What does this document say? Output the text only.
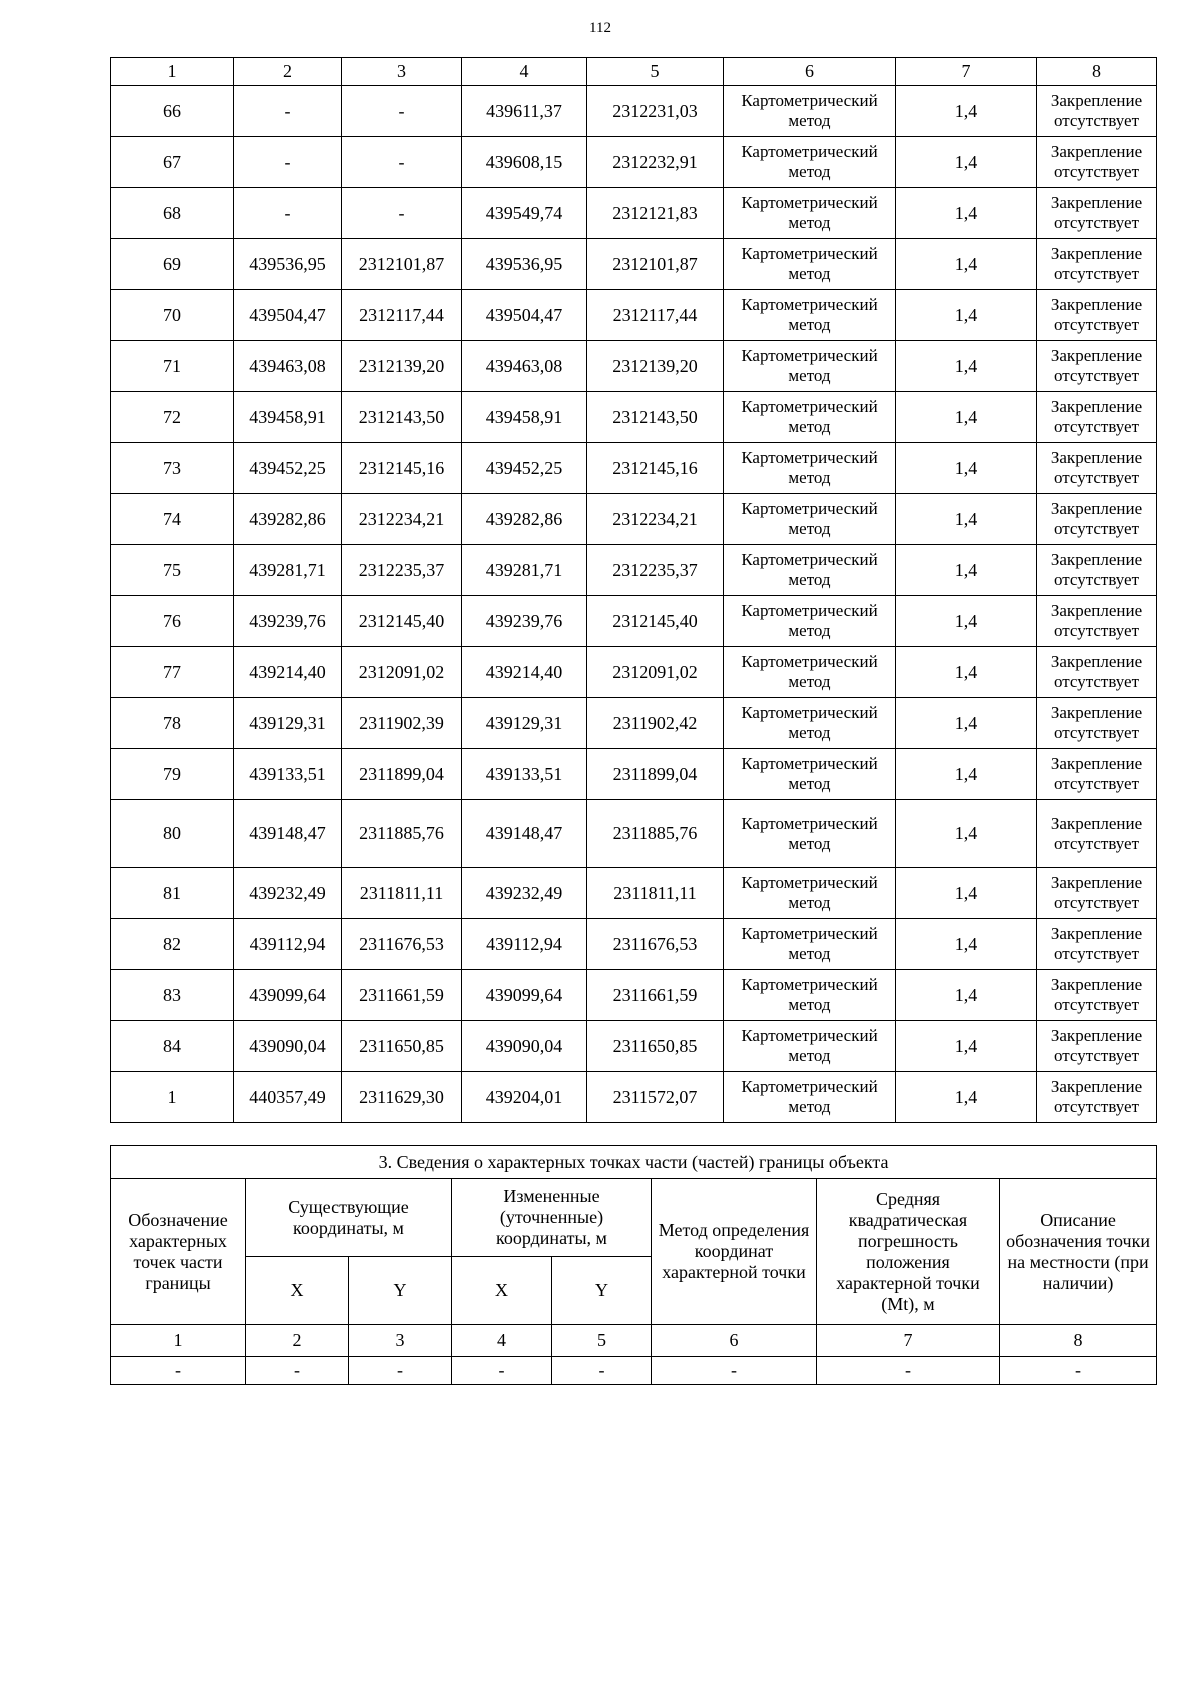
112
1	2	3	4	5	6	7	8
66	-	-	439611,37	2312231,03	Картометрический метод	1,4	Закрепление отсутствует
67	-	-	439608,15	2312232,91	Картометрический метод	1,4	Закрепление отсутствует
68	-	-	439549,74	2312121,83	Картометрический метод	1,4	Закрепление отсутствует
69	439536,95	2312101,87	439536,95	2312101,87	Картометрический метод	1,4	Закрепление отсутствует
70	439504,47	2312117,44	439504,47	2312117,44	Картометрический метод	1,4	Закрепление отсутствует
71	439463,08	2312139,20	439463,08	2312139,20	Картометрический метод	1,4	Закрепление отсутствует
72	439458,91	2312143,50	439458,91	2312143,50	Картометрический метод	1,4	Закрепление отсутствует
73	439452,25	2312145,16	439452,25	2312145,16	Картометрический метод	1,4	Закрепление отсутствует
74	439282,86	2312234,21	439282,86	2312234,21	Картометрический метод	1,4	Закрепление отсутствует
75	439281,71	2312235,37	439281,71	2312235,37	Картометрический метод	1,4	Закрепление отсутствует
76	439239,76	2312145,40	439239,76	2312145,40	Картометрический метод	1,4	Закрепление отсутствует
77	439214,40	2312091,02	439214,40	2312091,02	Картометрический метод	1,4	Закрепление отсутствует
78	439129,31	2311902,39	439129,31	2311902,42	Картометрический метод	1,4	Закрепление отсутствует
79	439133,51	2311899,04	439133,51	2311899,04	Картометрический метод	1,4	Закрепление отсутствует
80	439148,47	2311885,76	439148,47	2311885,76	Картометрический метод	1,4	Закрепление отсутствует
81	439232,49	2311811,11	439232,49	2311811,11	Картометрический метод	1,4	Закрепление отсутствует
82	439112,94	2311676,53	439112,94	2311676,53	Картометрический метод	1,4	Закрепление отсутствует
83	439099,64	2311661,59	439099,64	2311661,59	Картометрический метод	1,4	Закрепление отсутствует
84	439090,04	2311650,85	439090,04	2311650,85	Картометрический метод	1,4	Закрепление отсутствует
1	440357,49	2311629,30	439204,01	2311572,07	Картометрический метод	1,4	Закрепление отсутствует
3. Сведения о характерных точках части (частей) границы объекта							
Обозначение характерных точек части границы	Существующие координаты, м		Измененные (уточненные) координаты, м		Метод определения координат характерной точки	Средняя квадратическая погрешность положения характерной точки (Mt), м	Описание обозначения точки на местности (при наличии)
	X	Y	X	Y			
1	2	3	4	5	6	7	8
-	-	-	-	-	-	-	-
